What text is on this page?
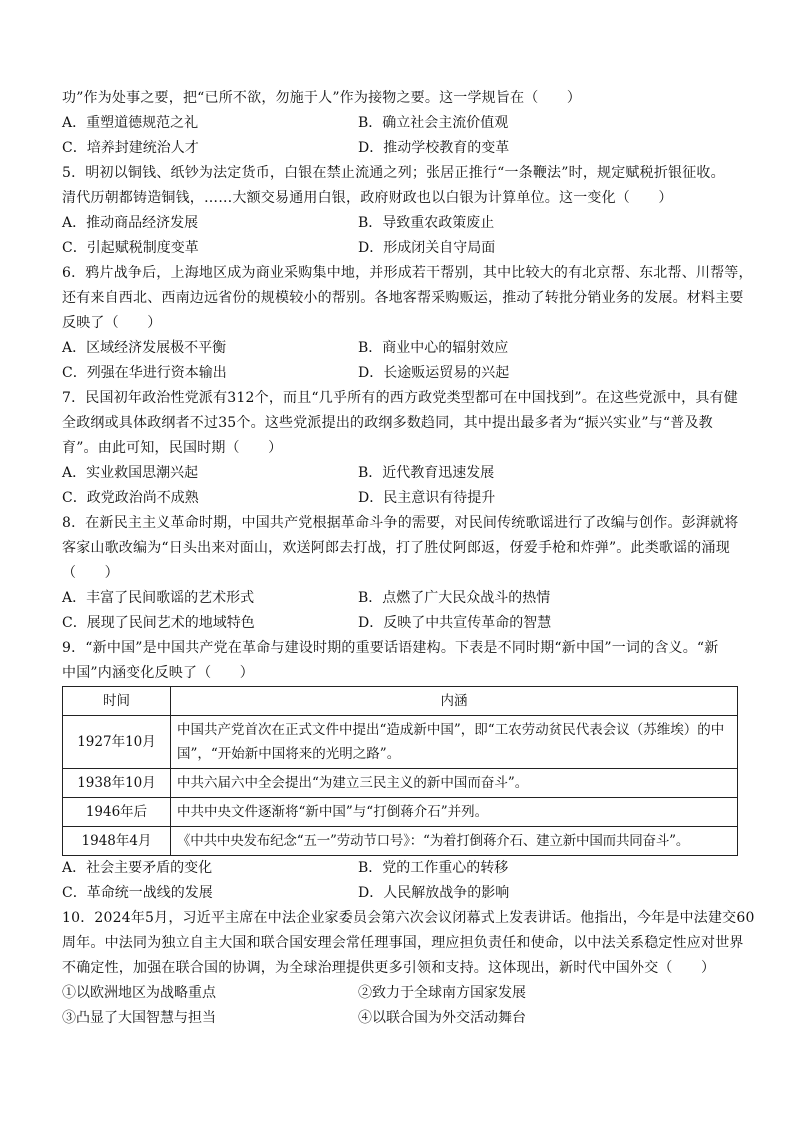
功”作为处事之要，把“已所不欲，勿施于人”作为接物之要。这一学规旨在（　　）
A．重塑道德规范之礼	B．确立社会主流价值观
C．培养封建统治人才	D．推动学校教育的变革
5．明初以铜钱、纸钞为法定货币，白银在禁止流通之列；张居正推行“一条鞭法”时，规定赋税折银征收。
清代历朝都铸造铜钱，……大额交易通用白银，政府财政也以白银为计算单位。这一变化（　　）
A．推动商品经济发展	B．导致重农政策废止
C．引起赋税制度变革	D．形成闭关自守局面
6．鸦片战争后，上海地区成为商业采购集中地，并形成若干帮别，其中比较大的有北京帮、东北帮、川帮等，
还有来自西北、西南边远省份的规模较小的帮别。各地客帮采购贩运，推动了转批分销业务的发展。材料主要
反映了（　　）
A．区域经济发展极不平衡	B．商业中心的辐射效应
C．列强在华进行资本输出	D．长途贩运贸易的兴起
7．民国初年政治性党派有312个，而且“几乎所有的西方政党类型都可在中国找到”。在这些党派中，具有健
全政纲或具体政纲者不过35个。这些党派提出的政纲多数趋同，其中提出最多者为“振兴实业”与“普及教
育”。由此可知，民国时期（　　）
A．实业救国思潮兴起	B．近代教育迅速发展
C．政党政治尚不成熟	D．民主意识有待提升
8．在新民主主义革命时期，中国共产党根据革命斗争的需要，对民间传统歌谣进行了改编与创作。彭湃就将
客家山歌改编为“日头出来对面山，欢送阿郎去打战，打了胜仗阿郎返，伢爱手枪和炸弹”。此类歌谣的涌现
（　　）
A．丰富了民间歌谣的艺术形式	B．点燃了广大民众战斗的热情
C．展现了民间艺术的地域特色	D．反映了中共宣传革命的智慧
9．“新中国”是中国共产党在革命与建设时期的重要话语建构。下表是不同时期“新中国”一词的含义。“新
中国”内涵变化反映了（　　）
时间	内涵
1927年10月	中国共产党首次在正式文件中提出“造成新中国”，即“工农劳动贫民代表会议（苏维埃）的中国”，“开始新中国将来的光明之路”。
1938年10月	中共六届六中全会提出“为建立三民主义的新中国而奋斗”。
1946年后	中共中央文件逐渐将“新中国”与“打倒蒋介石”并列。
1948年4月	《中共中央发布纪念“五一”劳动节口号》：“为着打倒蒋介石、建立新中国而共同奋斗”。
A．社会主要矛盾的变化	B．党的工作重心的转移
C．革命统一战线的发展	D．人民解放战争的影响
10．2024年5月，习近平主席在中法企业家委员会第六次会议闭幕式上发表讲话。他指出，今年是中法建交60
周年。中法同为独立自主大国和联合国安理会常任理事国，理应担负责任和使命，以中法关系稳定性应对世界
不确定性，加强在联合国的协调，为全球治理提供更多引领和支持。这体现出，新时代中国外交（　　）
①以欧洲地区为战略重点	②致力于全球南方国家发展
③凸显了大国智慧与担当	④以联合国为外交活动舞台
